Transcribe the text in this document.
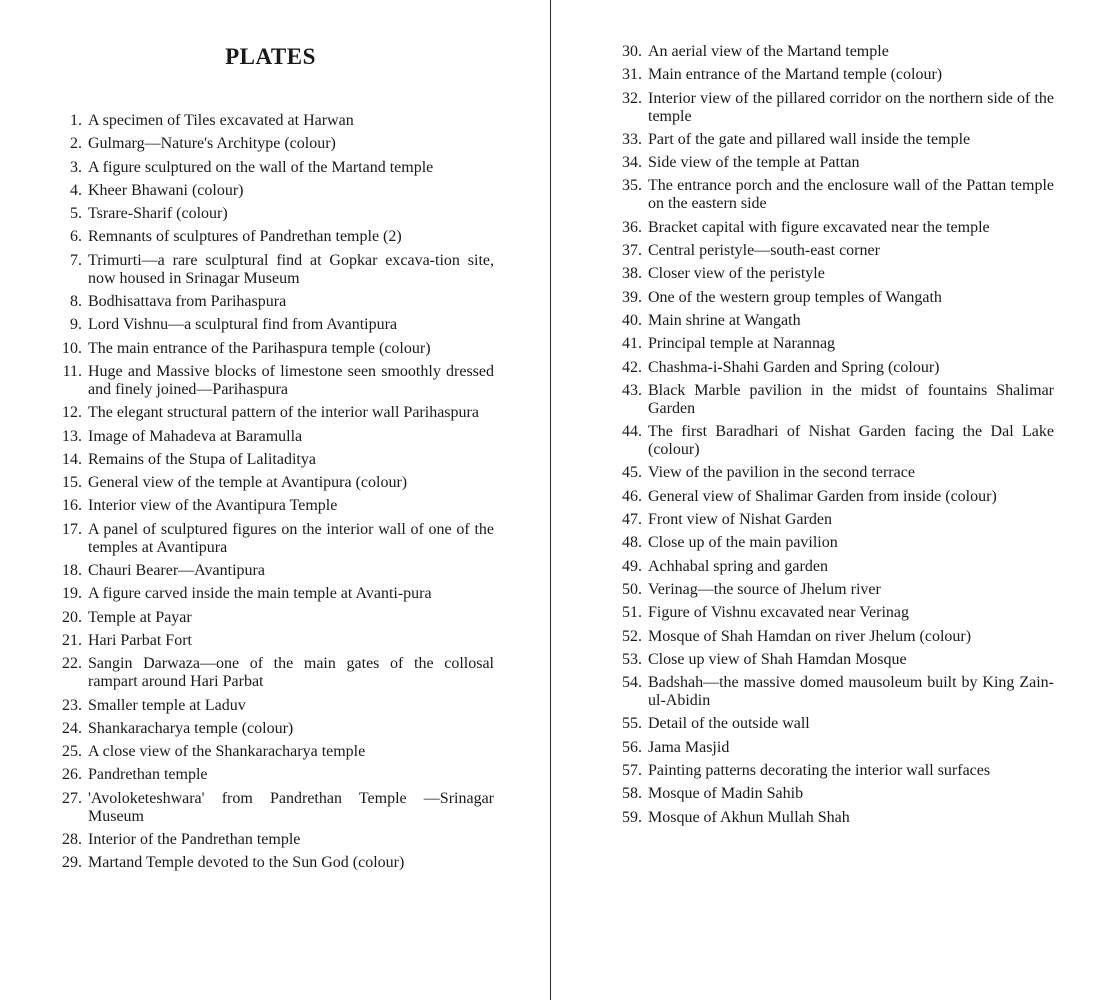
PLATES
1. A specimen of Tiles excavated at Harwan
2. Gulmarg—Nature's Architype (colour)
3. A figure sculptured on the wall of the Martand temple
4. Kheer Bhawani (colour)
5. Tsrare-Sharif (colour)
6. Remnants of sculptures of Pandrethan temple (2)
7. Trimurti—a rare sculptural find at Gopkar excava-tion site, now housed in Srinagar Museum
8. Bodhisattava from Parihaspura
9. Lord Vishnu—a sculptural find from Avantipura
10. The main entrance of the Parihaspura temple (colour)
11. Huge and Massive blocks of limestone seen smoothly dressed and finely joined—Parihaspura
12. The elegant structural pattern of the interior wall Parihaspura
13. Image of Mahadeva at Baramulla
14. Remains of the Stupa of Lalitaditya
15. General view of the temple at Avantipura (colour)
16. Interior view of the Avantipura Temple
17. A panel of sculptured figures on the interior wall of one of the temples at Avantipura
18. Chauri Bearer—Avantipura
19. A figure carved inside the main temple at Avanti-pura
20. Temple at Payar
21. Hari Parbat Fort
22. Sangin Darwaza—one of the main gates of the collosal rampart around Hari Parbat
23. Smaller temple at Laduv
24. Shankaracharya temple (colour)
25. A close view of the Shankaracharya temple
26. Pandrethan temple
27. 'Avoloketeshwara' from Pandrethan Temple —Srinagar Museum
28. Interior of the Pandrethan temple
29. Martand Temple devoted to the Sun God (colour)
30. An aerial view of the Martand temple
31. Main entrance of the Martand temple (colour)
32. Interior view of the pillared corridor on the northern side of the temple
33. Part of the gate and pillared wall inside the temple
34. Side view of the temple at Pattan
35. The entrance porch and the enclosure wall of the Pattan temple on the eastern side
36. Bracket capital with figure excavated near the temple
37. Central peristyle—south-east corner
38. Closer view of the peristyle
39. One of the western group temples of Wangath
40. Main shrine at Wangath
41. Principal temple at Narannag
42. Chashma-i-Shahi Garden and Spring (colour)
43. Black Marble pavilion in the midst of fountains Shalimar Garden
44. The first Baradhari of Nishat Garden facing the Dal Lake (colour)
45. View of the pavilion in the second terrace
46. General view of Shalimar Garden from inside (colour)
47. Front view of Nishat Garden
48. Close up of the main pavilion
49. Achhabal spring and garden
50. Verinag—the source of Jhelum river
51. Figure of Vishnu excavated near Verinag
52. Mosque of Shah Hamdan on river Jhelum (colour)
53. Close up view of Shah Hamdan Mosque
54. Badshah—the massive domed mausoleum built by King Zain-ul-Abidin
55. Detail of the outside wall
56. Jama Masjid
57. Painting patterns decorating the interior wall surfaces
58. Mosque of Madin Sahib
59. Mosque of Akhun Mullah Shah
